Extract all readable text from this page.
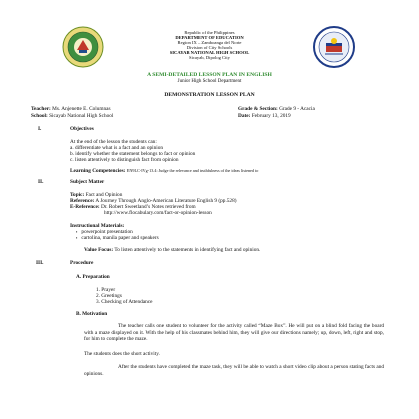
Republic of the Philippines
DEPARTMENT OF EDUCATION
Region IX – Zamboanga del Norte
Division of City Schools
SICAYAB NATIONAL HIGH SCHOOL
Sicayab, Dipolog City
A SEMI-DETAILED LESSON PLAN IN ENGLISH
Junior High School Department
DEMONSTRATION LESSON PLAN
Teacher: Ms. Anjenette E. Columnas	Grade & Section: Grade 9 - Acacia
School: Sicayab National High School	Date: February 13, 2019
I.	Objectives
At the end of the lesson the students can:
a. differentiate what is a fact and an opinion
b. identify whether the statement belongs to fact or opinion
c. listen attentively to distinguish fact from opinion
Learning Competencies: EN9LC-IVg-13.4: Judge the relevance and truthfulness of the ideas listened to
II.	Subject Matter
Topic: Fact and Opinion
Reference: A Journey Through Anglo-American Literature English 9 (pp.528)
E-Reference: Dr. Robert Sweetland’s Notes retrieved from
http://www.flocabulary.com/fact-or-opinion-lesson
Instructional Materials:
▪ powerpoint presentation
▪ cartolina, manila paper and speakers
Value Focus: To listen attentively to the statements in identifying fact and opinion.
III.	Procedure
A. Preparation
1. Prayer
2. Greetings
3. Checking of Attendance
B. Motivation
The teacher calls one student to volunteer for the activity called “Maze Box”. He will put on a blind fold facing the board with a maze displayed on it. With the help of his classmates behind him, they will give our directions namely; up, down, left, right and stop, for him to complete the maze.
The students does the short activity.
After the students have completed the maze task, they will be able to watch a short video clip about a person stating facts and opinions.
